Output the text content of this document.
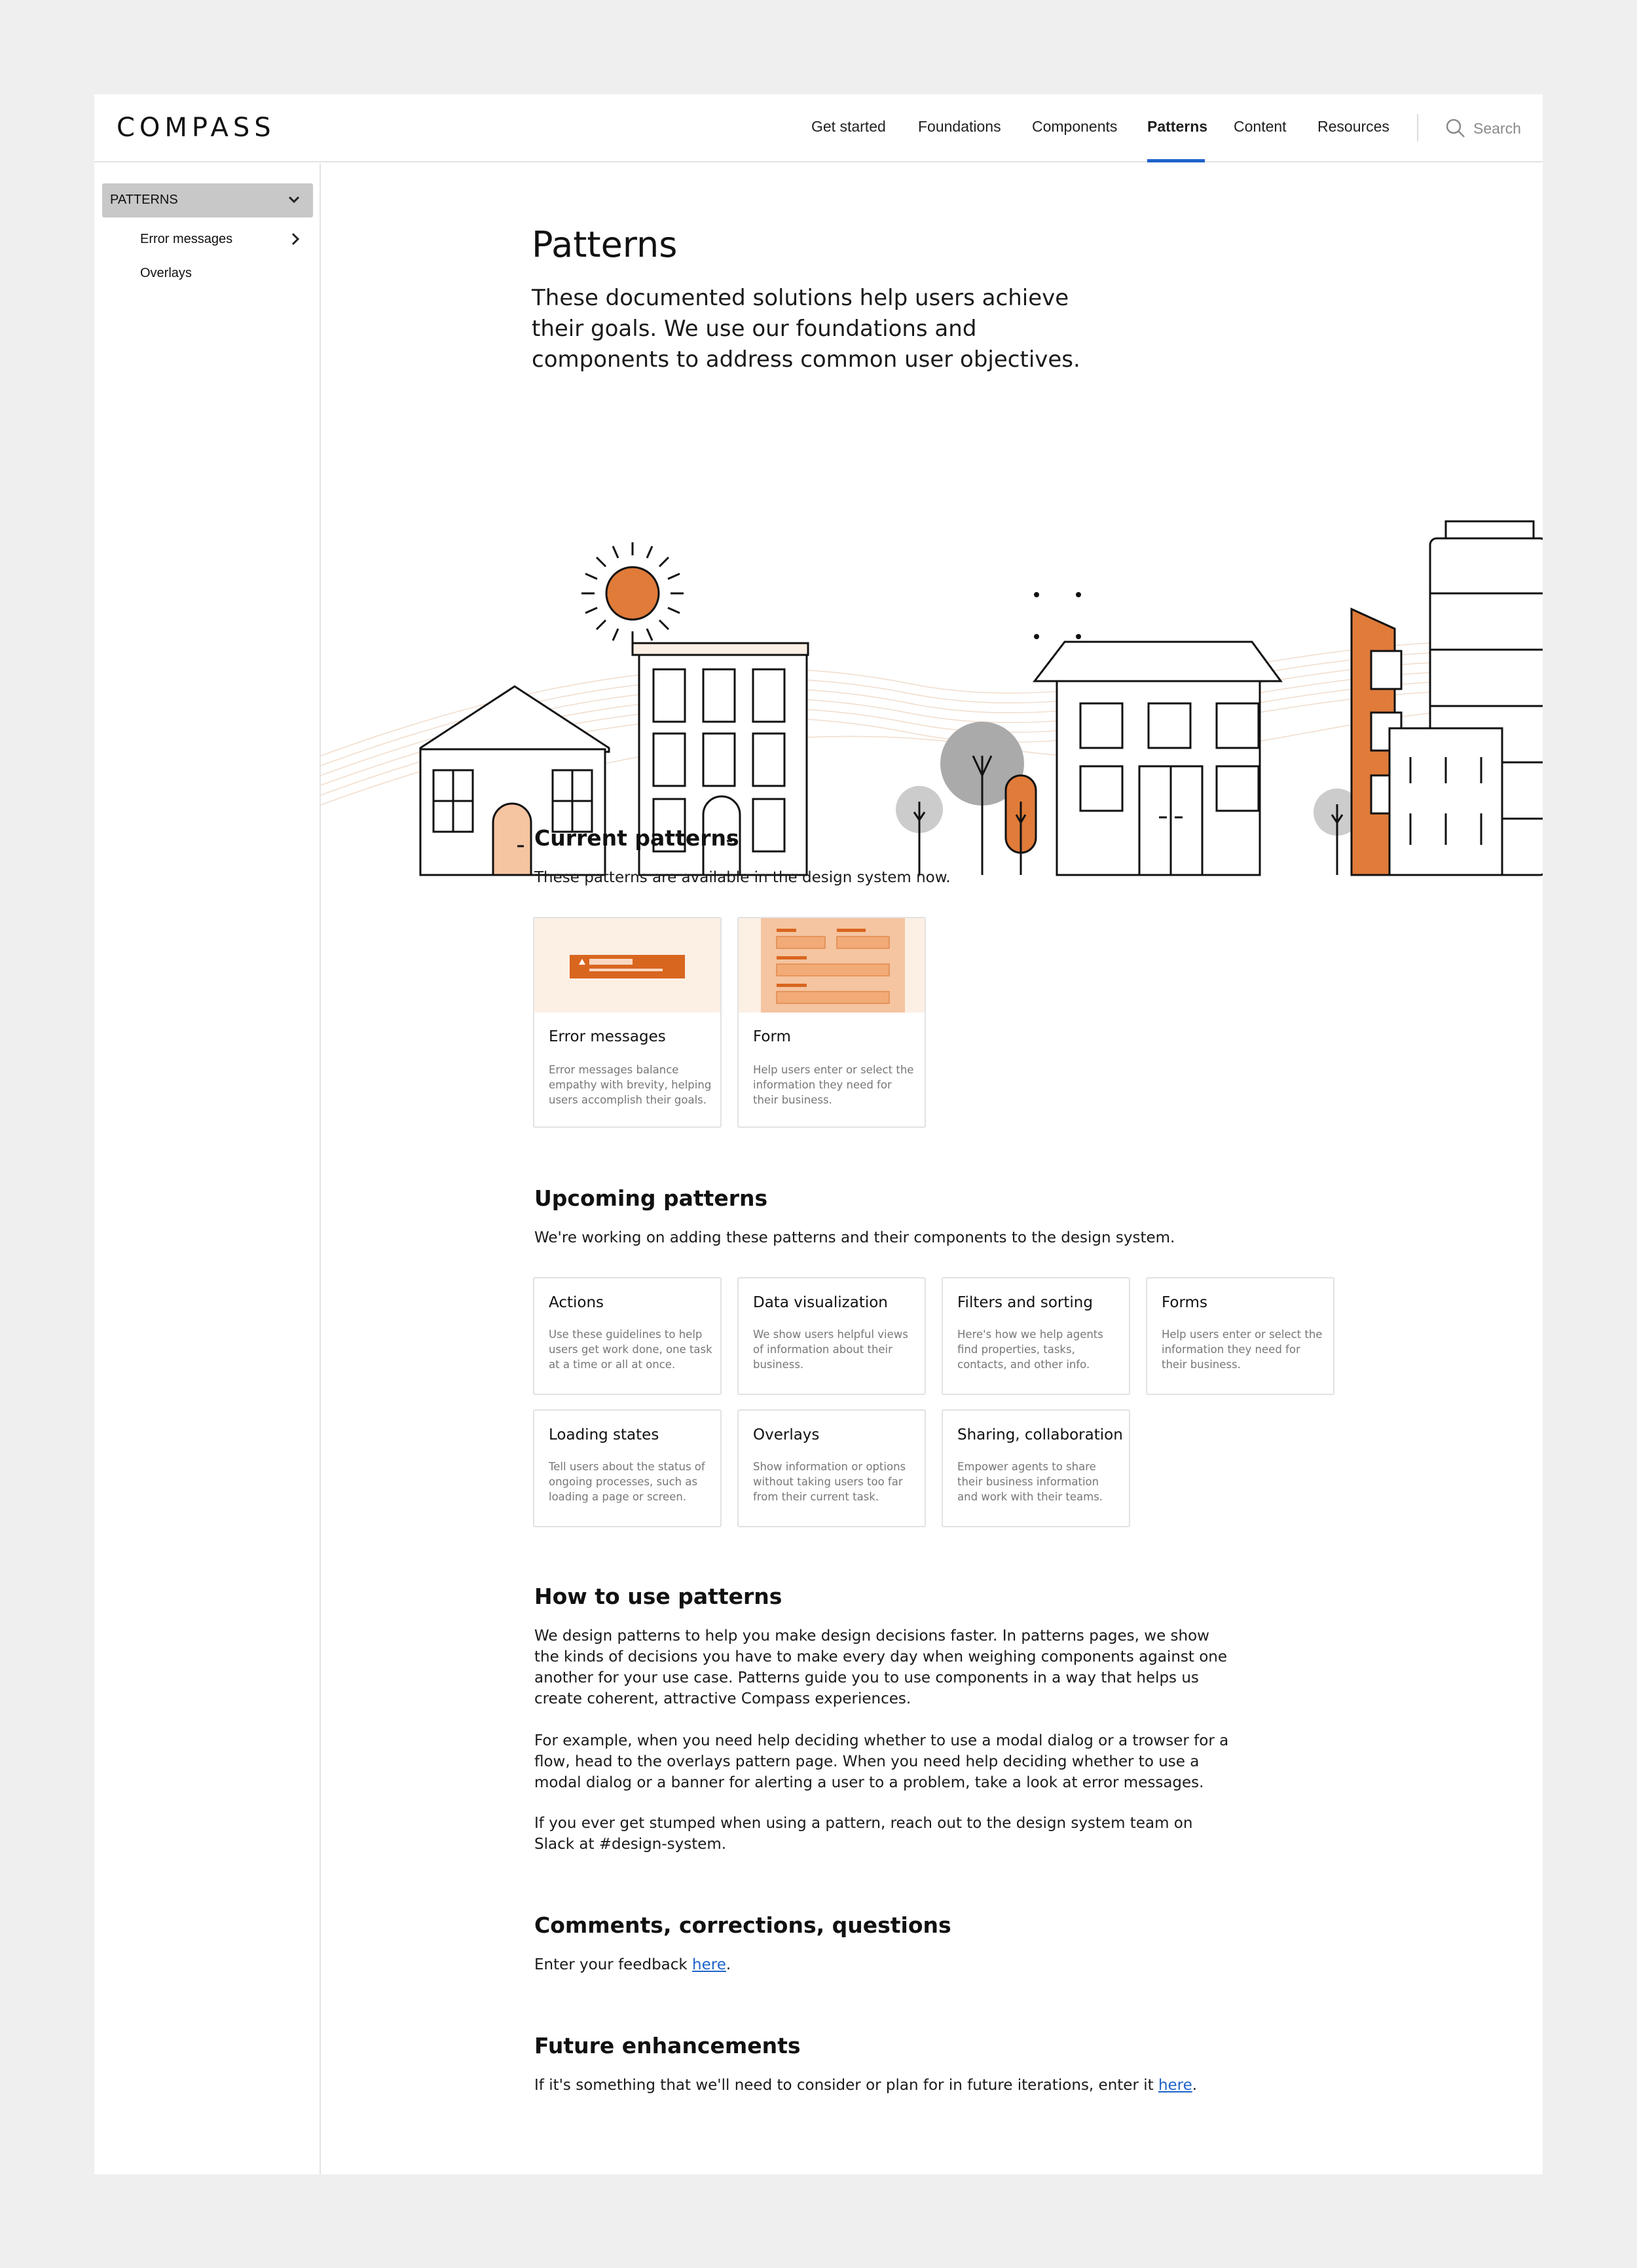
COMPASS	Get started Foundations Components Patterns Content Resources	Search
PATTERNS
Error messages
Overlays
Patterns

These documented solutions help users achieve their goals. We use our foundations and components to address common user objectives.

Current patterns

These patterns are available in the design system now.

Error messages
Error messages balance empathy with brevity, helping users accomplish their goals.
Form
Help users enter or select the information they need for their business.
Upcoming patterns

We're working on adding these patterns and their components to the design system.

Actions
Use these guidelines to help users get work done, one task at a time or all at once.
Data visualization
We show users helpful views of information about their business.
Filters and sorting
Here's how we help agents find properties, tasks, contacts, and other info.
Forms
Help users enter or select the information they need for their business.
Loading states
Tell users about the status of ongoing processes, such as loading a page or screen.
Overlays
Show information or options without taking users too far from their current task.
Sharing, collaboration
Empower agents to share their business information and work with their teams.
How to use patterns

We design patterns to help you make design decisions faster. In patterns pages, we show the kinds of decisions you have to make every day when weighing components against one another for your use case. Patterns guide you to use components in a way that helps us create coherent, attractive Compass experiences.

For example, when you need help deciding whether to use a modal dialog or a trowser for a flow, head to the overlays pattern page. When you need help deciding whether to use a modal dialog or a banner for alerting a user to a problem, take a look at error messages.

If you ever get stumped when using a pattern, reach out to the design system team on Slack at #design-system.

Comments, corrections, questions

Enter your feedback here.

Future enhancements

If it's something that we'll need to consider or plan for in future iterations, enter it here.
